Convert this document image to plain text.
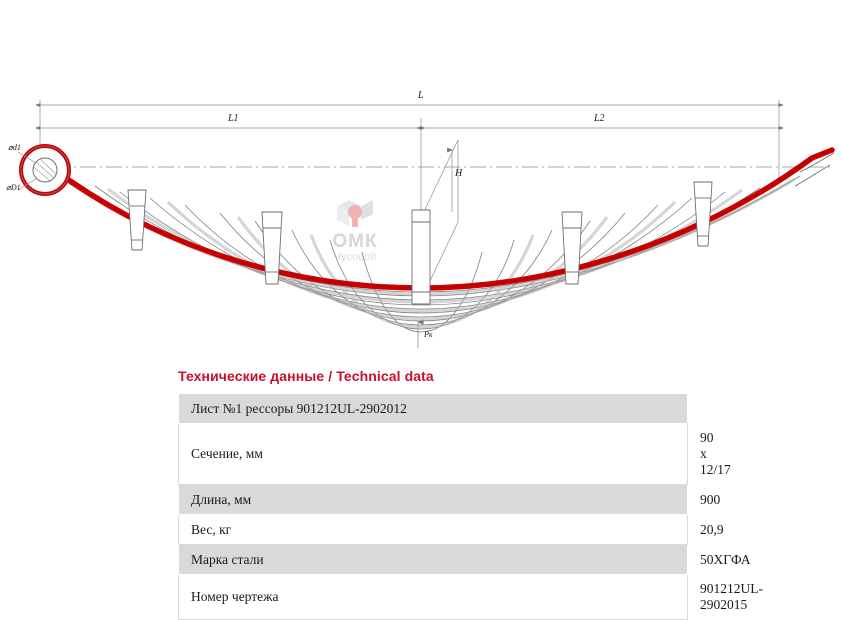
L
L1	L2
H
⌀d1
⌀D1
Pк
ОМК
Чусовой
Технические данные / Technical data
Лист №1 рессоры 901212UL-2902012	
Сечение, мм	90 х 12/17
Длина, мм	900
Вес, кг	20,9
Марка стали	50ХГФА
Номер чертежа	901212UL-2902015
